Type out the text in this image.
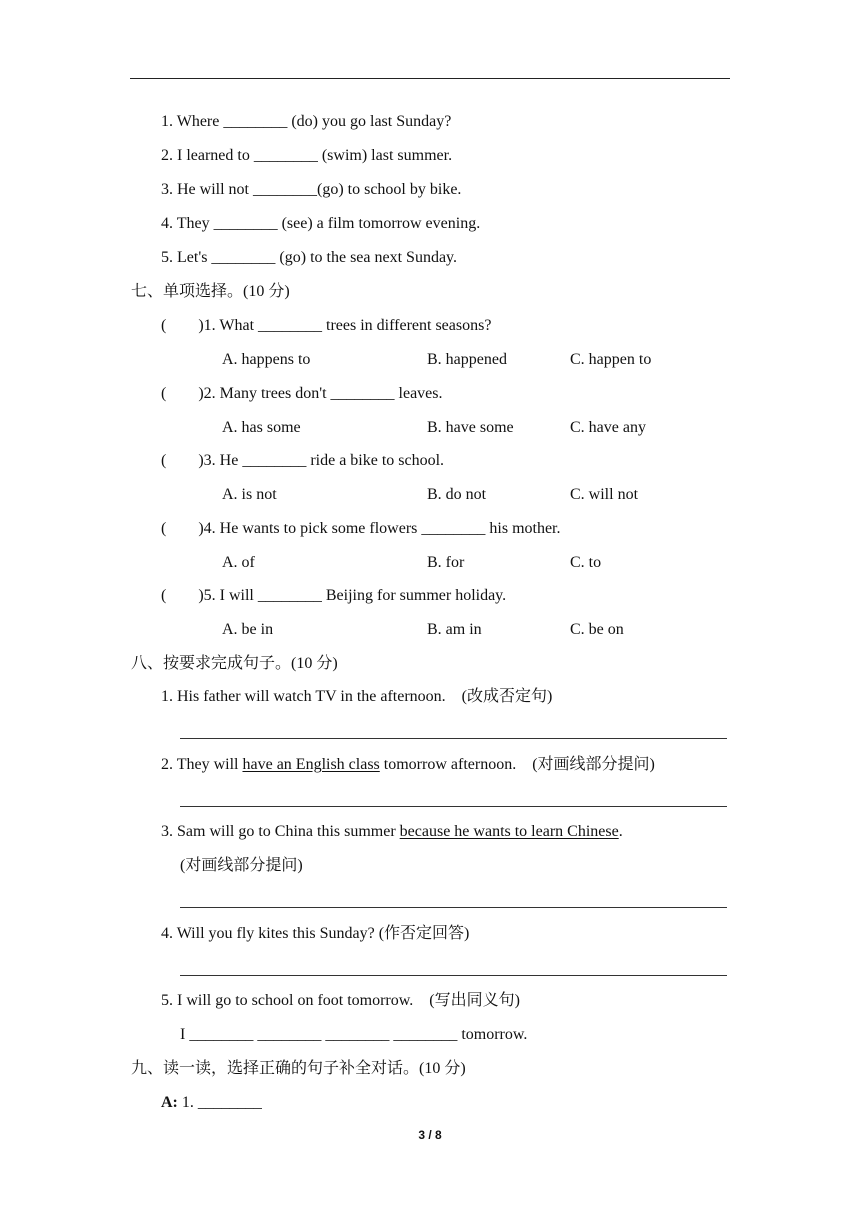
1. Where ________ (do) you go last Sunday?
2. I learned to ________ (swim) last summer.
3. He will not ________(go) to school by bike.
4. They ________ (see) a film tomorrow evening.
5. Let's ________ (go) to the sea next Sunday.
七、单项选择。(10 分)
(        )1. What ________ trees in different seasons?
A. happens to	B. happened	C. happen to
(        )2. Many trees don't ________ leaves.
A. has some	B. have some	C. have any
(        )3. He ________ ride a bike to school.
A. is not	B. do not	C. will not
(        )4. He wants to pick some flowers ________ his mother.
A. of	B. for	C. to
(        )5. I will ________ Beijing for summer holiday.
A. be in	B. am in	C. be on
八、按要求完成句子。(10 分)
1. His father will watch TV in the afternoon.    (改成否定句)
2. They will have an English class tomorrow afternoon.    (对画线部分提问)
3. Sam will go to China this summer because he wants to learn Chinese.
(对画线部分提问)
4. Will you fly kites this Sunday? (作否定回答)
5. I will go to school on foot tomorrow.    (写出同义句)
I ________ ________ ________ ________ tomorrow.
九、读一读，选择正确的句子补全对话。(10 分)
A: 1. ________
3 / 8
